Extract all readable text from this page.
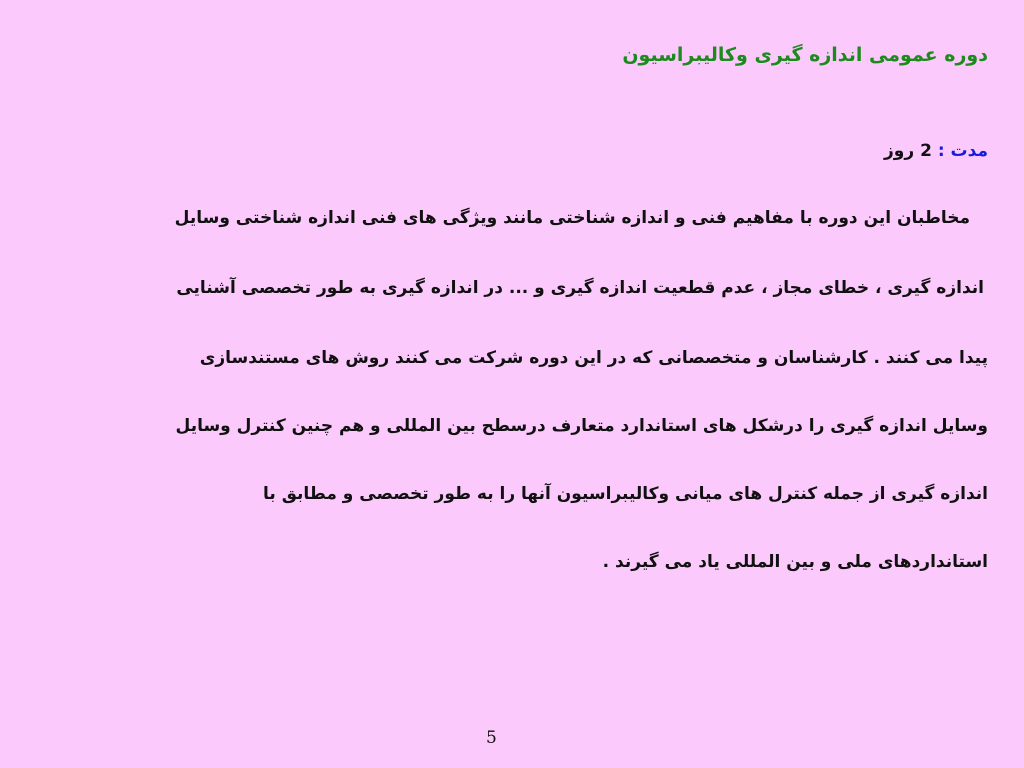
دوره عمومی اندازه گیری وکالیبراسیون
مدت : 2 روز
مخاطبان این دوره با مفاهیم فنی و اندازه شناختی مانند ویژگی های فنی اندازه شناختی وسایل
اندازه گیری ، خطای مجاز ، عدم قطعیت اندازه گیری و ... در اندازه گیری به طور تخصصی آشنایی
پیدا می کنند . کارشناسان و متخصصانی که در این دوره شرکت می کنند روش های مستندسازی
وسایل اندازه گیری را درشکل های استاندارد متعارف درسطح بین المللی و هم چنین کنترل وسایل
اندازه گیری از جمله کنترل های میانی وکالیبراسیون آنها را به طور تخصصی و مطابق با
استانداردهای ملی و بین المللی یاد می گیرند .
5
